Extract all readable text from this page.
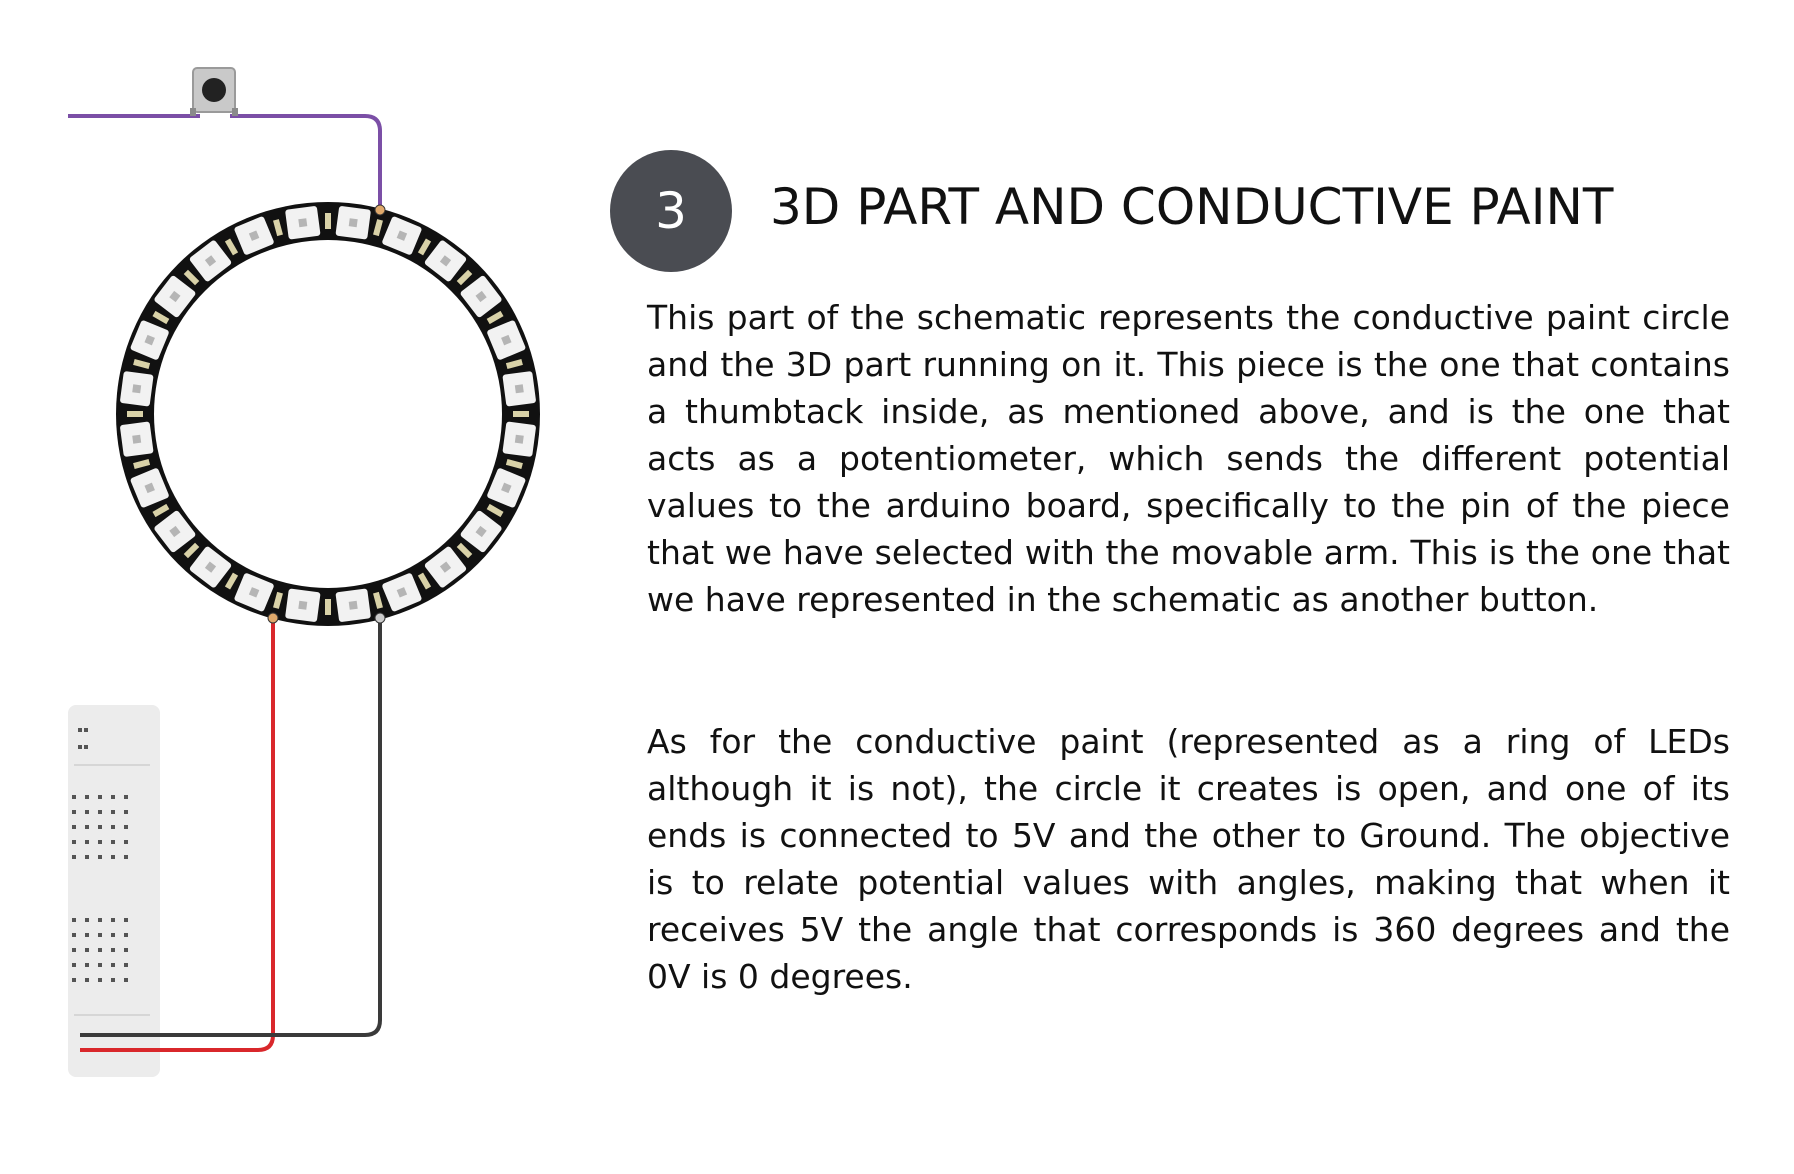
3	3D PART AND CONDUCTIVE PAINT

This part of the schematic represents the conductive paint circle and the 3D part running on it. This piece is the one that contains a thumbtack inside, as mentioned above, and is the one that acts as a potentiometer, which sends the different potential values to the arduino board, specifically to the pin of the piece that we have selected with the movable arm. This is the one that we have represented in the schematic as another button.

As for the conductive paint (represented as a ring of LEDs although it is not), the circle it creates is open, and one of its ends is connected to 5V and the other to Ground. The objective is to relate potential values with angles, making that when it receives 5V the angle that corresponds is 360 degrees and the 0V is 0 degrees.
